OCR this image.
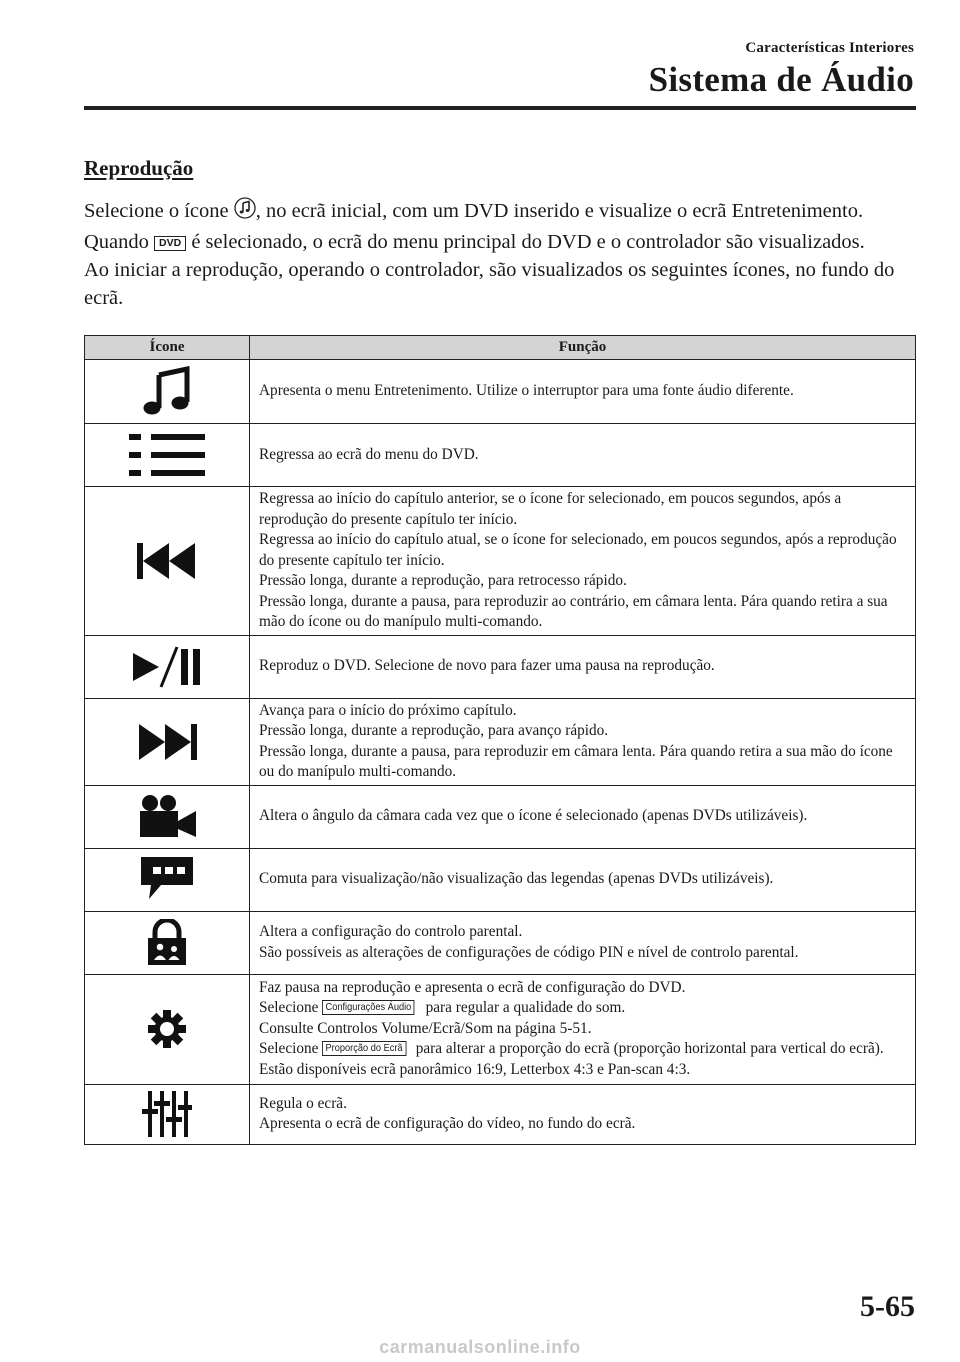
Características Interiores
Sistema de Áudio
Reprodução

Selecione o ícone , no ecrã inicial, com um DVD inserido e visualize o ecrã Entretenimento. Quando DVD é selecionado, o ecrã do menu principal do DVD e o controlador são visualizados.

Ao iniciar a reprodução, operando o controlador, são visualizados os seguintes ícones, no fundo do ecrã.

Ícone	Função

Apresenta o menu Entretenimento. Utilize o interruptor para uma fonte áudio diferente.

Regressa ao ecrã do menu do DVD.

Regressa ao início do capítulo anterior, se o ícone for selecionado, em poucos segundos, após a reprodução do presente capítulo ter início.
Regressa ao início do capítulo atual, se o ícone for selecionado, em poucos segundos, após a reprodução do presente capítulo ter início.
Pressão longa, durante a reprodução, para retrocesso rápido.
Pressão longa, durante a pausa, para reproduzir ao contrário, em câmara lenta. Pára quando retira a sua mão do ícone ou do manípulo multi-comando.

Reproduz o DVD. Selecione de novo para fazer uma pausa na reprodução.

Avança para o início do próximo capítulo.
Pressão longa, durante a reprodução, para avanço rápido.
Pressão longa, durante a pausa, para reproduzir em câmara lenta. Pára quando retira a sua mão do ícone ou do manípulo multi-comando.

Altera o ângulo da câmara cada vez que o ícone é selecionado (apenas DVDs utilizáveis).

Comuta para visualização/não visualização das legendas (apenas DVDs utilizáveis).

Altera a configuração do controlo parental.
São possíveis as alterações de configurações de código PIN e nível de controlo parental.

Faz pausa na reprodução e apresenta o ecrã de configuração do DVD.
Selecione Configurações Áudio para regular a qualidade do som.
Consulte Controlos Volume/Ecrã/Som na página 5-51.
Selecione Proporção do Ecrã para alterar a proporção do ecrã (proporção horizontal para vertical do ecrã). Estão disponíveis ecrã panorâmico 16:9, Letterbox 4:3 e Pan-scan 4:3.

Regula o ecrã.
Apresenta o ecrã de configuração do vídeo, no fundo do ecrã.
5-65
carmanualsonline.info
